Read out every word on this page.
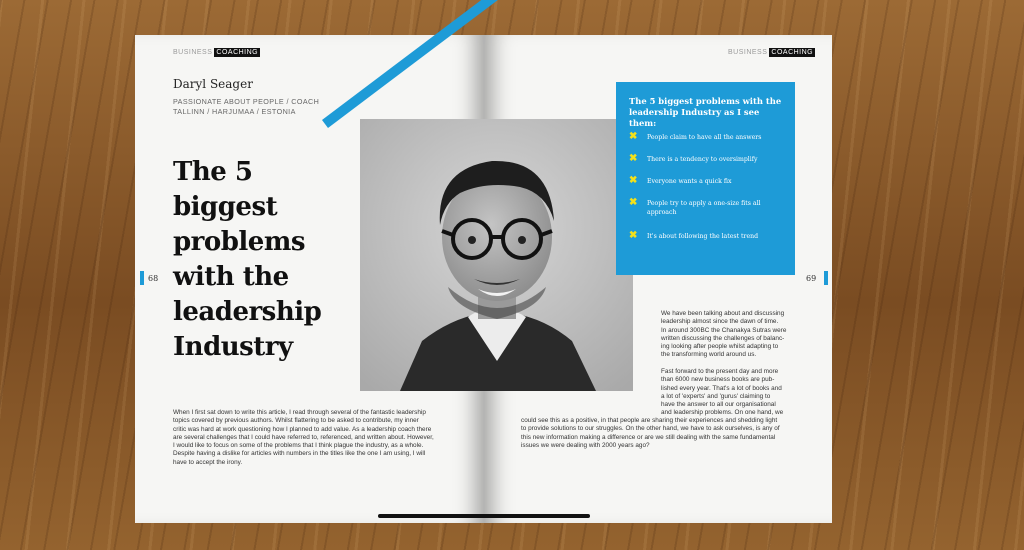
BUSINESS COACHING
Daryl Seager
PASSIONATE ABOUT PEOPLE / COACH
TALLINN / HARJUMAA / ESTONIA
The 5
biggest
problems
with the
leadership
Industry
68
When I first sat down to write this article, I read through several of the fantastic leadership
topics covered by previous authors. Whilst flattering to be asked to contribute, my inner
critic was hard at work questioning how I planned to add value. As a leadership coach there
are several challenges that I could have referred to, referenced, and written about. However,
I would like to focus on some of the problems that I think plague the industry, as a whole.
Despite having a dislike for articles with numbers in the titles like the one I am using, I will
have to accept the irony.
BUSINESS COACHING
69
We have been talking about and discussing
leadership almost since the dawn of time.
In around 300BC the Chanakya Sutras were
written discussing the challenges of balanc-
ing looking after people whilst adapting to
the transforming world around us.
Fast forward to the present day and more
than 6000 new business books are pub-
lished every year. That's a lot of books and
a lot of 'experts' and 'gurus' claiming to
have the answer to all our organisational
and leadership problems. On one hand, we
could see this as a positive, in that people are sharing their experiences and shedding light
to provide solutions to our struggles. On the other hand, we have to ask ourselves, is any of
this new information making a difference or are we still dealing with the same fundamental
issues we were dealing with 2000 years ago?
The 5 biggest problems with the
leadership Industry as I see them:
✖ People claim to have all the answers
✖ There is a tendency to oversimplify
✖ Everyone wants a quick fix
✖ People try to apply a one-size fits all
approach
✖ It's about following the latest trend
